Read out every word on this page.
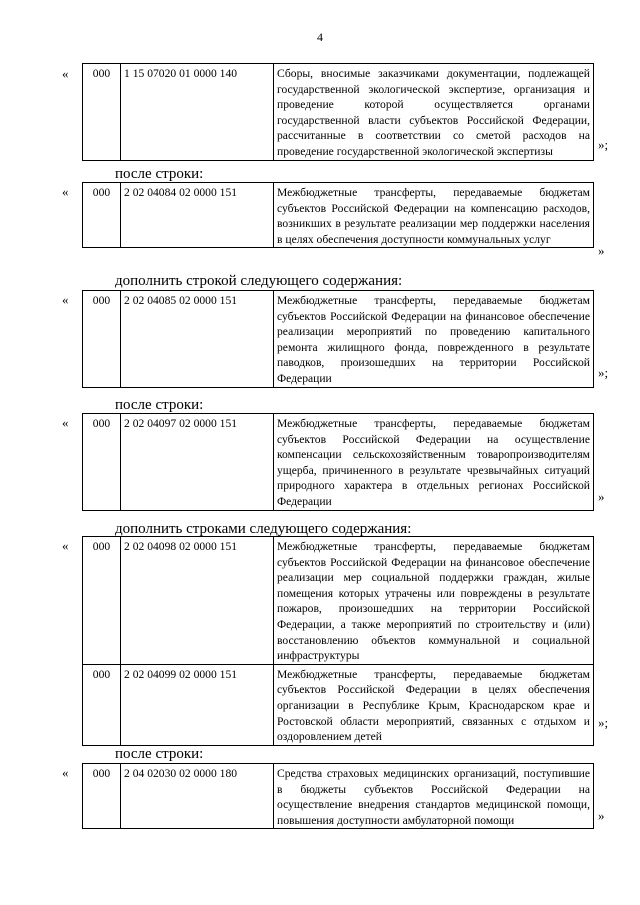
4
« 000	1 15 07020 01 0000 140	Сборы, вносимые заказчиками документации, подлежащей государственной экологической экспертизе, организация и проведение которой осуществляется органами государственной власти субъектов Российской Федерации, рассчитанные в соответствии со сметой расходов на проведение государственной экологической экспертизы	»;
после строки:
000	2 02 04084 02 0000 151	Межбюджетные трансферты, передаваемые бюджетам субъектов Российской Федерации на компенсацию расходов, возникших в результате реализации мер поддержки населения в целях обеспечения доступности коммунальных услуг
«
»
дополнить строкой следующего содержания:
000	2 02 04085 02 0000 151	Межбюджетные трансферты, передаваемые бюджетам субъектов Российской Федерации на финансовое обеспечение реализации мероприятий по проведению капитального ремонта жилищного фонда, поврежденного в результате паводков, произошедших на территории Российской Федерации
«
»;
после строки:
000	2 02 04097 02 0000 151	Межбюджетные трансферты, передаваемые бюджетам субъектов Российской Федерации на осуществление компенсации сельскохозяйственным товаропроизводителям ущерба, причиненного в результате чрезвычайных ситуаций природного характера в отдельных регионах Российской Федерации
«
»
дополнить строками следующего содержания:
000	2 02 04098 02 0000 151	Межбюджетные трансферты, передаваемые бюджетам субъектов Российской Федерации на финансовое обеспечение реализации мер социальной поддержки граждан, жилые помещения которых утрачены или повреждены в результате пожаров, произошедших на территории Российской Федерации, а также мероприятий по строительству и (или) восстановлению объектов коммунальной и социальной инфраструктуры
000	2 02 04099 02 0000 151	Межбюджетные трансферты, передаваемые бюджетам субъектов Российской Федерации в целях обеспечения организации в Республике Крым, Краснодарском крае и Ростовской области мероприятий, связанных с отдыхом и оздоровлением детей
«
»;
после строки:
000	2 04 02030 02 0000 180	Средства страховых медицинских организаций, поступившие в бюджеты субъектов Российской Федерации на осуществление внедрения стандартов медицинской помощи, повышения доступности амбулаторной помощи
«
»
